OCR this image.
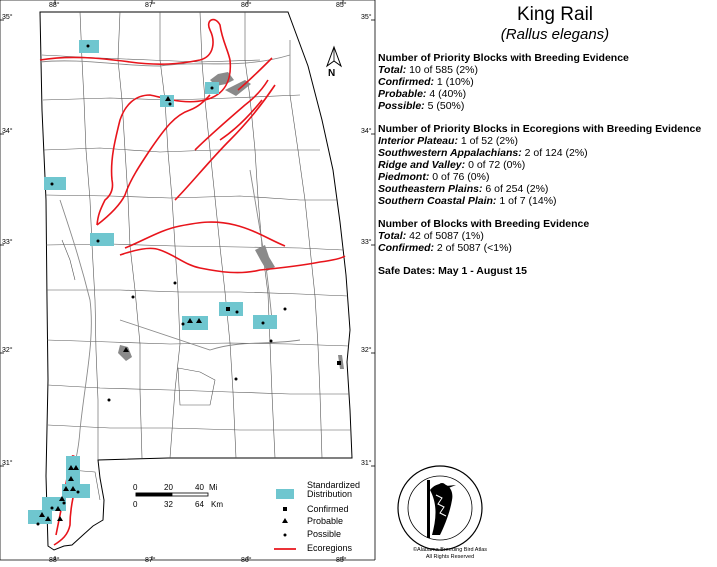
88°	87°	86°	85°
88°	87°	86°	85°
35°
34°
33°
32°
31°
35°
34°
33°
32°
31°
N
0	20	40 Mi
0	32	64 Km
Standardized Distribution
Confirmed
Probable
Possible
Ecoregions
King Rail
(Rallus elegans)
Number of Priority Blocks with Breeding Evidence
Total: 10 of 585 (2%)
Confirmed: 1 (10%)
Probable: 4 (40%)
Possible: 5 (50%)
Number of Priority Blocks in Ecoregions with Breeding Evidence
Interior Plateau: 1 of 52 (2%)
Southwestern Appalachians: 2 of 124 (2%)
Ridge and Valley: 0 of 72 (0%)
Piedmont: 0 of 76 (0%)
Southeastern Plains: 6 of 254 (2%)
Southern Coastal Plain: 1 of 7 (14%)
Number of Blocks with Breeding Evidence
Total: 42 of 5087 (1%)
Confirmed: 2 of 5087 (<1%)
Safe Dates: May 1 - August 15
©Alabama Breeding Bird Atlas
All Rights Reserved
